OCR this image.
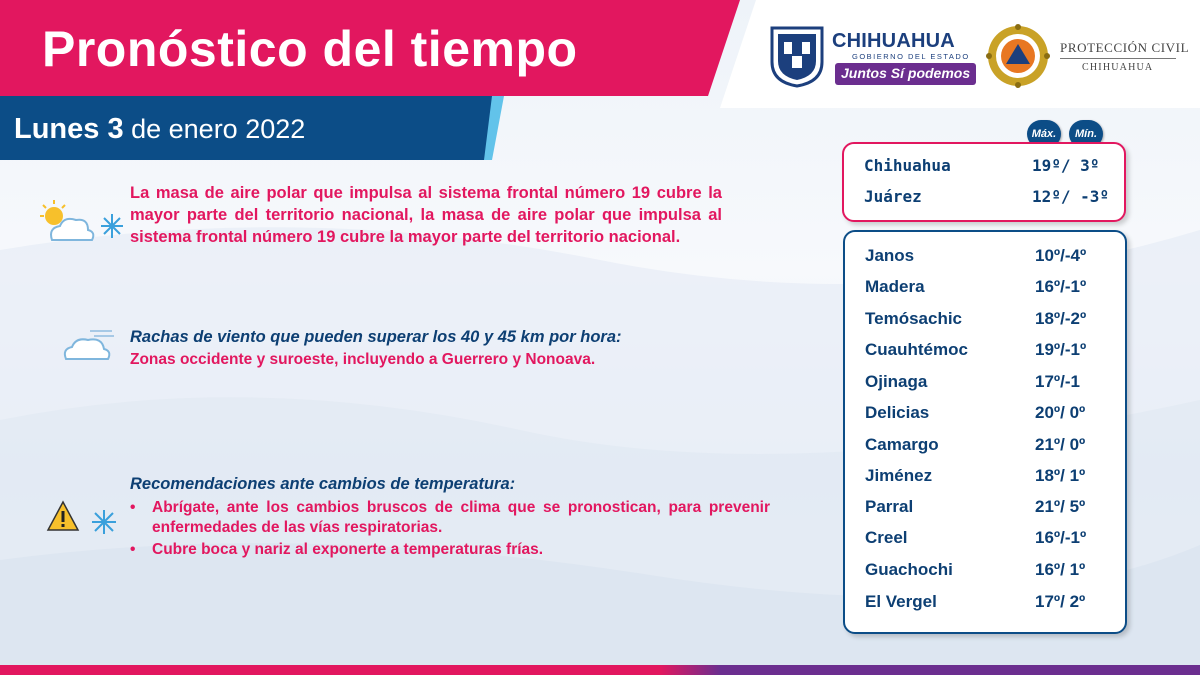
Pronóstico del tiempo
Lunes 3 de enero 2022
CHIHUAHUA
GOBIERNO DEL ESTADO
Juntos Sí podemos
PROTECCIÓN CIVIL
CHIHUAHUA
La masa de aire polar que impulsa al sistema frontal número 19 cubre la mayor parte del territorio nacional, la masa de aire polar que impulsa al sistema frontal número 19 cubre la mayor parte del territorio nacional.
Rachas de viento que pueden superar los 40 y 45 km por hora:
Zonas occidente y suroeste, incluyendo a Guerrero y Nonoava.
Recomendaciones ante cambios de temperatura:
• Abrígate, ante los cambios bruscos de clima que se pronostican, para prevenir enfermedades de las vías respiratorias.
• Cubre boca y nariz al exponerte a temperaturas frías.
Máx.	Mín.
Chihuahua	19º/ 3º
Juárez	12º/ -3º
Janos	10º/-4º
Madera	16º/-1º
Temósachic	18º/-2º
Cuauhtémoc	19º/-1º
Ojinaga	17º/-1
Delicias	20º/ 0º
Camargo	21º/ 0º
Jiménez	18º/ 1º
Parral	21º/ 5º
Creel	16º/-1º
Guachochi	16º/ 1º
El Vergel	17º/ 2º
